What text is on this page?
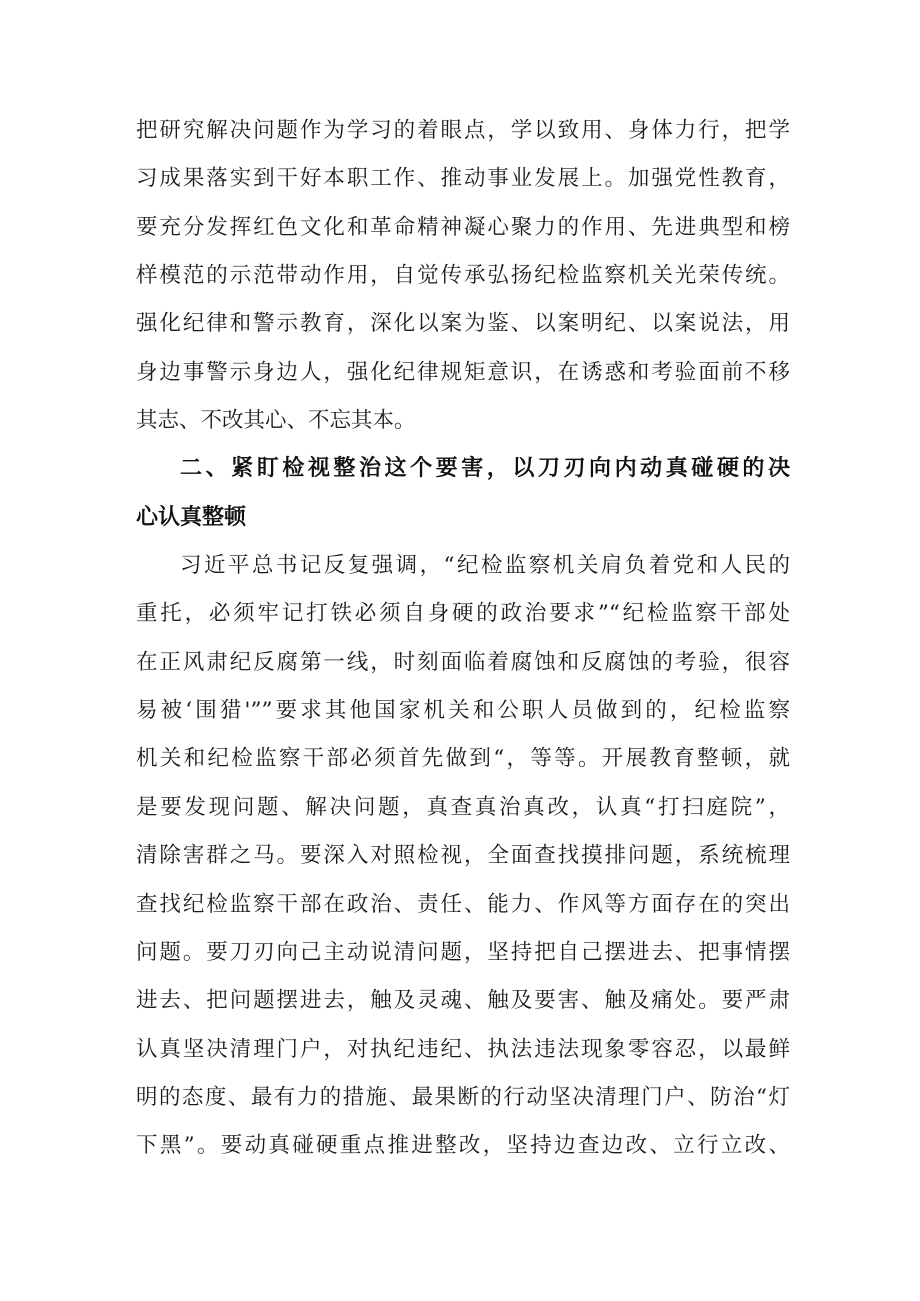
把研究解决问题作为学习的着眼点，学以致用、身体力行，把学
习成果落实到干好本职工作、推动事业发展上。加强党性教育，
要充分发挥红色文化和革命精神凝心聚力的作用、先进典型和榜
样模范的示范带动作用，自觉传承弘扬纪检监察机关光荣传统。
强化纪律和警示教育，深化以案为鉴、以案明纪、以案说法，用
身边事警示身边人，强化纪律规矩意识，在诱惑和考验面前不移
其志、不改其心、不忘其本。
二、紧盯检视整治这个要害，以刀刃向内动真碰硬的决
心认真整顿
习近平总书记反复强调，“纪检监察机关肩负着党和人民的
重托，必须牢记打铁必须自身硬的政治要求”“纪检监察干部处
在正风肃纪反腐第一线，时刻面临着腐蚀和反腐蚀的考验，很容
易被‘围猎'””要求其他国家机关和公职人员做到的，纪检监察
机关和纪检监察干部必须首先做到“，等等。开展教育整顿，就
是要发现问题、解决问题，真查真治真改，认真“打扫庭院”，
清除害群之马。要深入对照检视，全面查找摸排问题，系统梳理
查找纪检监察干部在政治、责任、能力、作风等方面存在的突出
问题。要刀刃向己主动说清问题，坚持把自己摆进去、把事情摆
进去、把问题摆进去，触及灵魂、触及要害、触及痛处。要严肃
认真坚决清理门户，对执纪违纪、执法违法现象零容忍，以最鲜
明的态度、最有力的措施、最果断的行动坚决清理门户、防治“灯
下黑”。要动真碰硬重点推进整改，坚持边查边改、立行立改、
